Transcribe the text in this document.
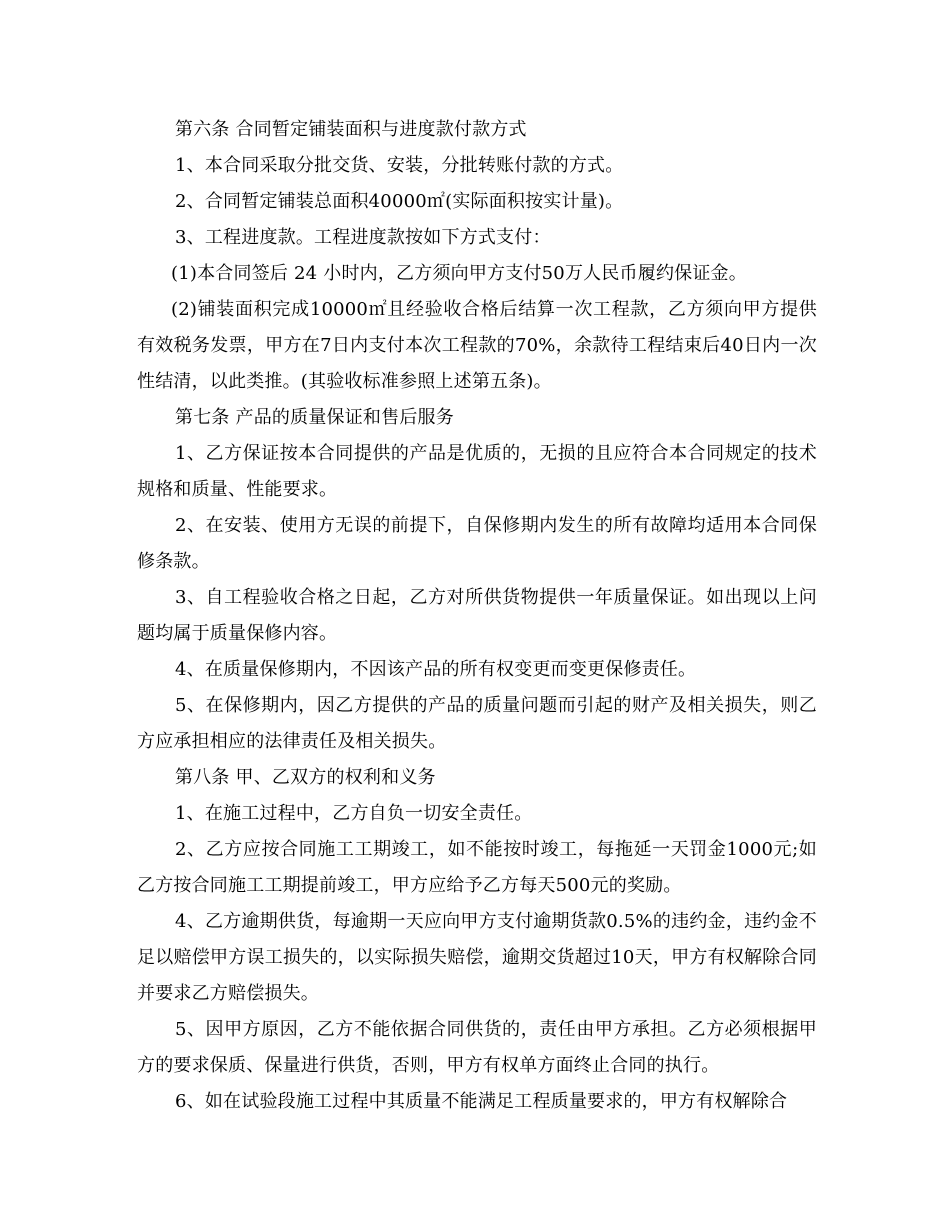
第六条 合同暂定铺装面积与进度款付款方式

1、本合同采取分批交货、安装，分批转账付款的方式。

2、合同暂定铺装总面积40000㎡(实际面积按实计量)。

3、工程进度款。工程进度款按如下方式支付：

(1)本合同签后 24 小时内，乙方须向甲方支付50万人民币履约保证金。

(2)铺装面积完成10000㎡且经验收合格后结算一次工程款，乙方须向甲方提供有效税务发票，甲方在7日内支付本次工程款的70%，余款待工程结束后40日内一次性结清，以此类推。(其验收标准参照上述第五条)。

第七条 产品的质量保证和售后服务

1、乙方保证按本合同提供的产品是优质的，无损的且应符合本合同规定的技术规格和质量、性能要求。

2、在安装、使用方无误的前提下，自保修期内发生的所有故障均适用本合同保修条款。

3、自工程验收合格之日起，乙方对所供货物提供一年质量保证。如出现以上问题均属于质量保修内容。

4、在质量保修期内，不因该产品的所有权变更而变更保修责任。

5、在保修期内，因乙方提供的产品的质量问题而引起的财产及相关损失，则乙方应承担相应的法律责任及相关损失。

第八条 甲、乙双方的权利和义务

1、在施工过程中，乙方自负一切安全责任。

2、乙方应按合同施工工期竣工，如不能按时竣工，每拖延一天罚金1000元;如乙方按合同施工工期提前竣工，甲方应给予乙方每天500元的奖励。

4、乙方逾期供货，每逾期一天应向甲方支付逾期货款0.5%的违约金，违约金不足以赔偿甲方误工损失的，以实际损失赔偿，逾期交货超过10天，甲方有权解除合同并要求乙方赔偿损失。

5、因甲方原因，乙方不能依据合同供货的，责任由甲方承担。乙方必须根据甲方的要求保质、保量进行供货，否则，甲方有权单方面终止合同的执行。

6、如在试验段施工过程中其质量不能满足工程质量要求的，甲方有权解除合
